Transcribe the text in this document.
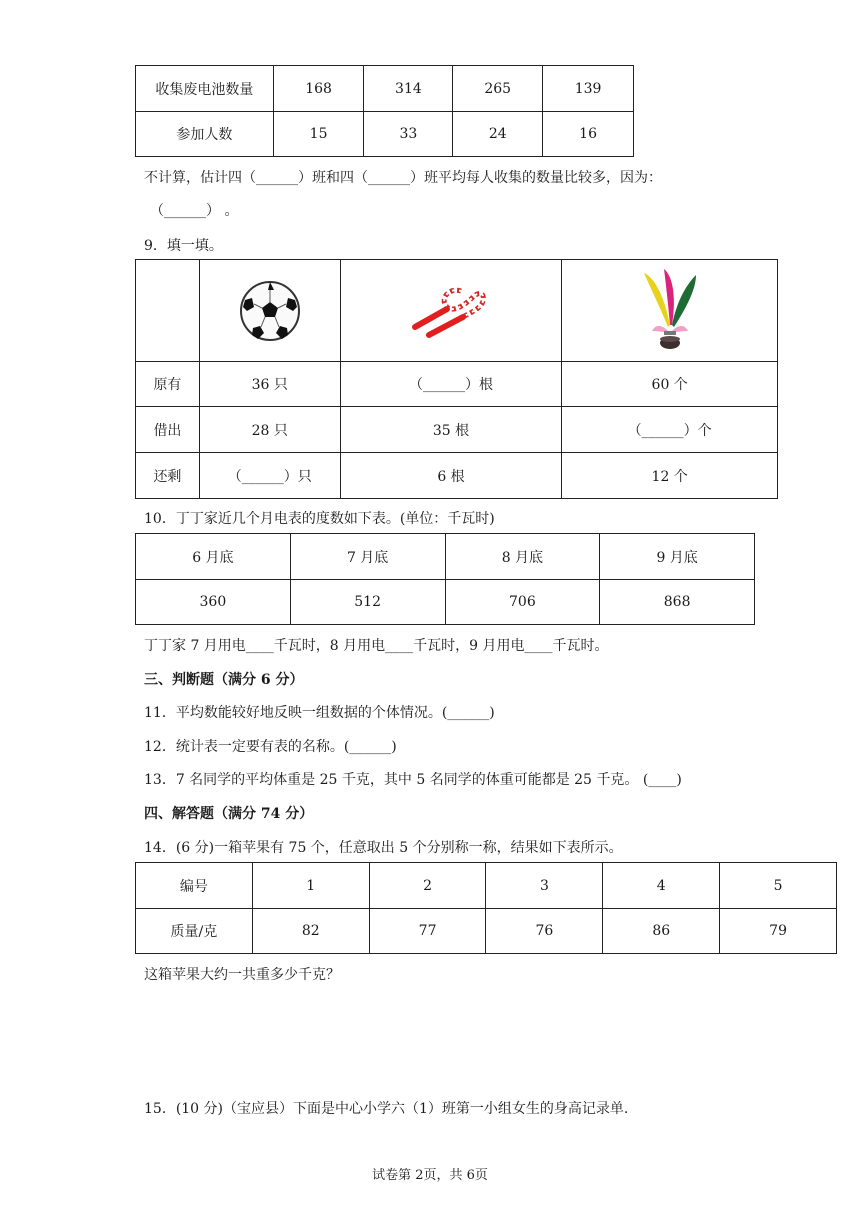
收集废电池数量	168	314	265	139
参加人数	15	33	24	16
不计算，估计四（______）班和四（______）班平均每人收集的数量比较多，因为：
（______） 。
9．填一填。

原有	36 只	（______）根	60 个
借出	28 只	35 根	（______）个
还剩	（______）只	6 根	12 个
10．丁丁家近几个月电表的度数如下表。(单位：千瓦时)
6 月底	7 月底	8 月底	9 月底
360	512	706	868
丁丁家 7 月用电____千瓦时，8 月用电____千瓦时，9 月用电____千瓦时。
三、判断题（满分 6 分）
11．平均数能较好地反映一组数据的个体情况。(______)
12．统计表一定要有表的名称。(______)
13．7 名同学的平均体重是 25 千克，其中 5 名同学的体重可能都是 25 千克。 (____)
四、解答题（满分 74 分）
14．(6 分)一箱苹果有 75 个，任意取出 5 个分别称一称，结果如下表所示。
编号	1	2	3	4	5
质量/克	82	77	76	86	79
这箱苹果大约一共重多少千克？
15．(10 分)（宝应县）下面是中心小学六（1）班第一小组女生的身高记录单.
试卷第 2页，共 6页
